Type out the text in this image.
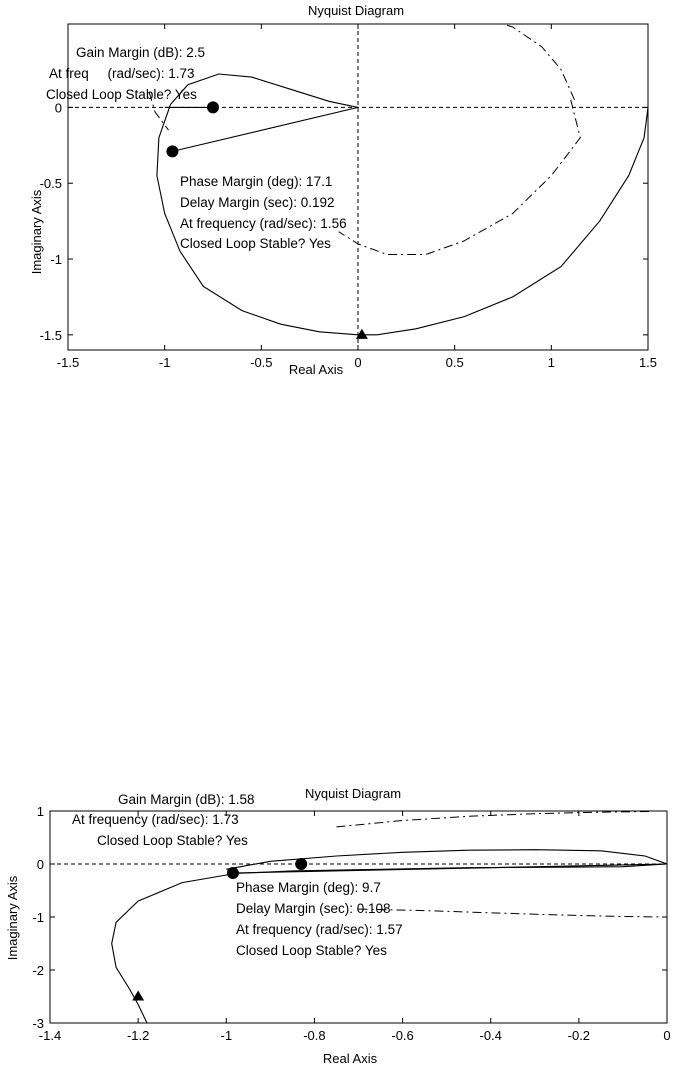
Nyquist Diagram
-1.5	-1	-0.5	0	0.5	1	1.5
0
-0.5
-1
-1.5
Real Axis
Imaginary Axis
Gain Margin (dB): 2.5
At freq     (rad/sec): 1.73
Closed Loop Stable? Yes
Phase Margin (deg): 17.1
Delay Margin (sec): 0.192
At frequency (rad/sec): 1.56
Closed Loop Stable? Yes
Nyquist Diagram
-1.4	-1.2	-1	-0.8	-0.6	-0.4	-0.2	0
1
0
-1
-2
-3
Real Axis
Imaginary Axis
Gain Margin (dB): 1.58
At frequency (rad/sec): 1.73
Closed Loop Stable? Yes
Phase Margin (deg): 9.7
Delay Margin (sec): 0.108
At frequency (rad/sec): 1.57
Closed Loop Stable? Yes
